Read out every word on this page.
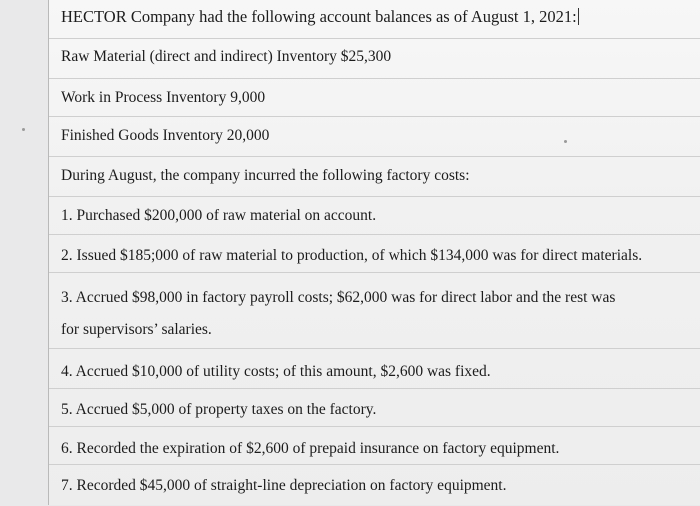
HECTOR Company had the following account balances as of August 1, 2021:
Raw Material (direct and indirect) Inventory $25,300
Work in Process Inventory 9,000
Finished Goods Inventory 20,000
During August, the company incurred the following factory costs:
1. Purchased $200,000 of raw material on account.
2. Issued $185;000 of raw material to production, of which $134,000 was for direct materials.
3. Accrued $98,000 in factory payroll costs; $62,000 was for direct labor and the rest was
for supervisors’ salaries.
4. Accrued $10,000 of utility costs; of this amount, $2,600 was fixed.
5. Accrued $5,000 of property taxes on the factory.
6. Recorded the expiration of $2,600 of prepaid insurance on factory equipment.
7. Recorded $45,000 of straight-line depreciation on factory equipment.
